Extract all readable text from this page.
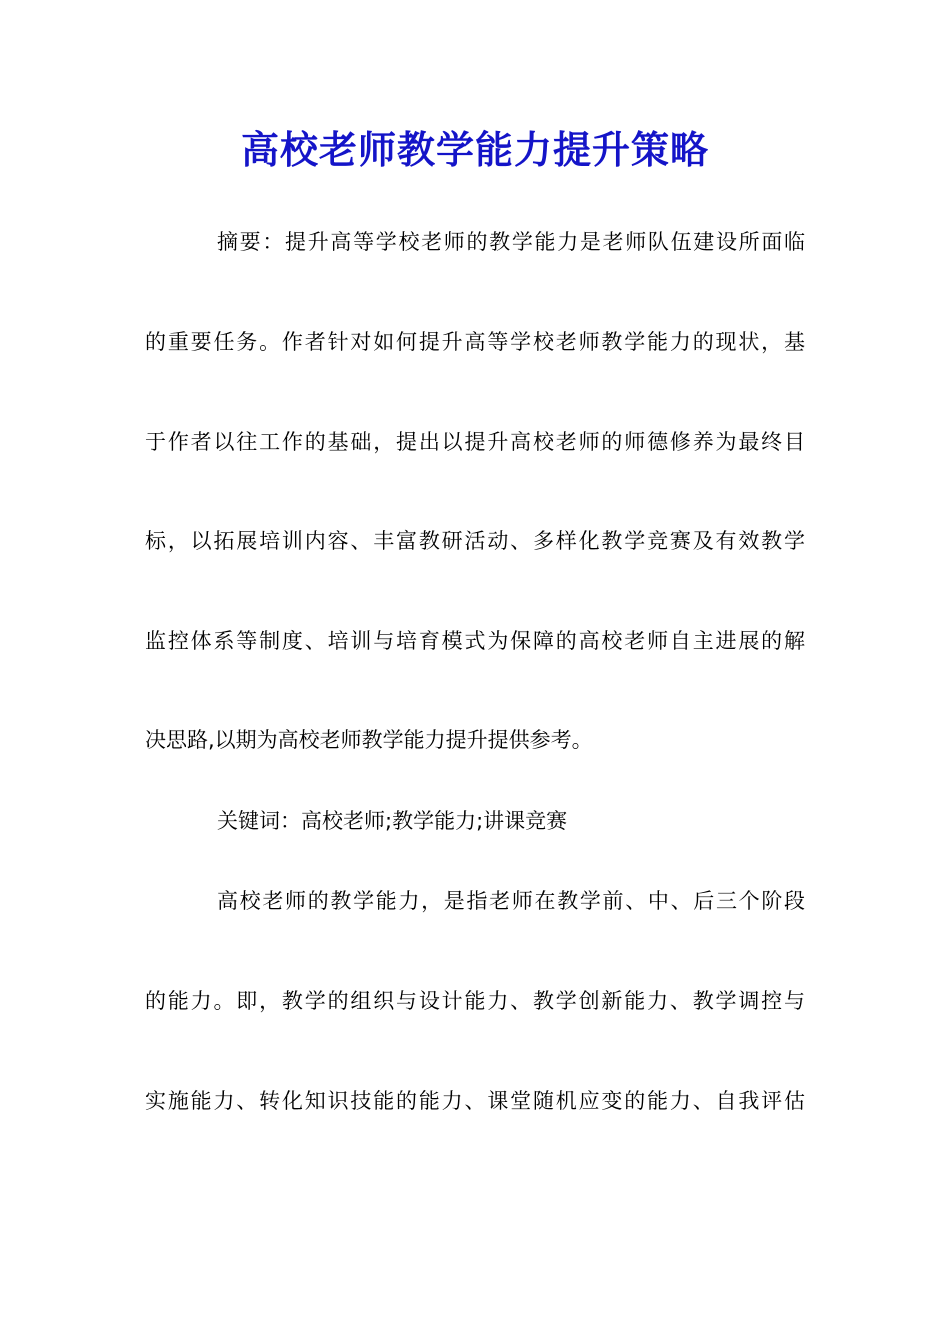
高校老师教学能力提升策略
摘要：提升高等学校老师的教学能力是老师队伍建设所面临
的重要任务。作者针对如何提升高等学校老师教学能力的现状，基
于作者以往工作的基础，提出以提升高校老师的师德修养为最终目
标，以拓展培训内容、丰富教研活动、多样化教学竞赛及有效教学
监控体系等制度、培训与培育模式为保障的高校老师自主进展的解
决思路,以期为高校老师教学能力提升提供参考。
关键词：高校老师;教学能力;讲课竞赛
高校老师的教学能力，是指老师在教学前、中、后三个阶段
的能力。即，教学的组织与设计能力、教学创新能力、教学调控与
实施能力、转化知识技能的能力、课堂随机应变的能力、自我评估
